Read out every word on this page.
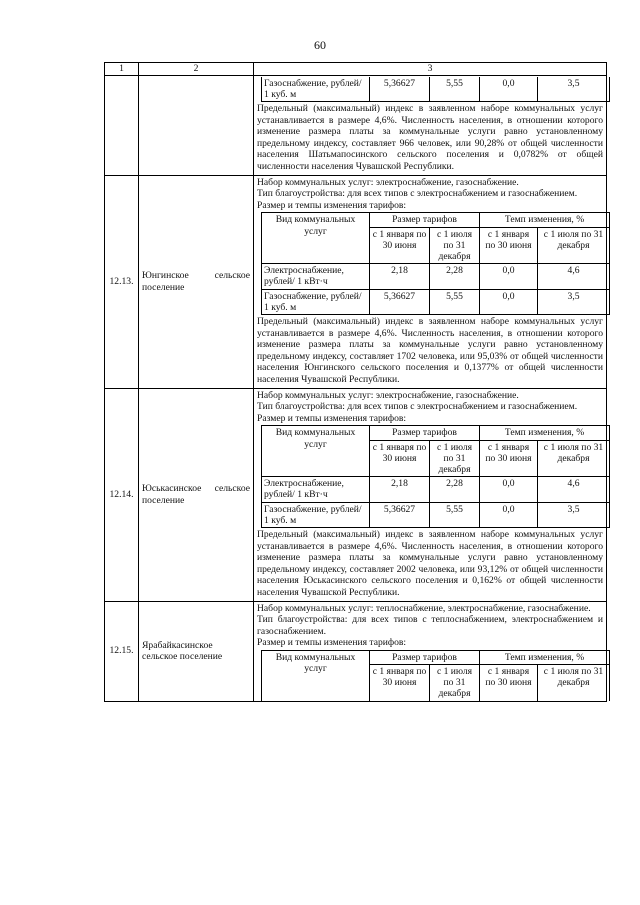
60
1	2	3

Газоснабжение, рублей/ 1 куб. м	5,36627	5,55	0,0	3,5

Предельный (максимальный) индекс в заявленном наборе коммунальных услуг устанавливается в размере 4,6%. Численность населения, в отношении которого изменение размера платы за коммунальные услуги равно установленному предельному индексу, составляет 966 человек, или 90,28% от общей численности населения Шатьмапосинского сельского поселения и 0,0782% от общей численности населения Чувашской Республики.

12.13.	Юнгинское сельское поселение	

Набор коммунальных услуг: электроснабжение, газоснабжение.

Тип благоустройства: для всех типов с электроснабжением и газоснабжением.

Размер и темпы изменения тарифов:

Вид коммунальных услуг	Размер тарифов	Темп изменения, %
с 1 января по 30 июня	с 1 июля по 31 декабря	с 1 января по 30 июня	с 1 июля по 31 декабря
Электроснабжение, рублей/ 1 кВт·ч	2,18	2,28	0,0	4,6
Газоснабжение, рублей/ 1 куб. м	5,36627	5,55	0,0	3,5

Предельный (максимальный) индекс в заявленном наборе коммунальных услуг устанавливается в размере 4,6%. Численность населения, в отношении которого изменение размера платы за коммунальные услуги равно установленному предельному индексу, составляет 1702 человека, или 95,03% от общей численности населения Юнгинского сельского поселения и 0,1377% от общей численности населения Чувашской Республики.

12.14.	Юськасинское сельское поселение	

Набор коммунальных услуг: электроснабжение, газоснабжение.

Тип благоустройства: для всех типов с электроснабжением и газоснабжением.

Размер и темпы изменения тарифов:

Вид коммунальных услуг	Размер тарифов	Темп изменения, %
с 1 января по 30 июня	с 1 июля по 31 декабря	с 1 января по 30 июня	с 1 июля по 31 декабря
Электроснабжение, рублей/ 1 кВт·ч	2,18	2,28	0,0	4,6
Газоснабжение, рублей/ 1 куб. м	5,36627	5,55	0,0	3,5

Предельный (максимальный) индекс в заявленном наборе коммунальных услуг устанавливается в размере 4,6%. Численность населения, в отношении которого изменение размера платы за коммунальные услуги равно установленному предельному индексу, составляет 2002 человека, или 93,12% от общей численности населения Юськасинского сельского поселения и 0,162% от общей численности населения Чувашской Республики.

12.15.	Ярабайкасинское сельское поселение	

Набор коммунальных услуг: теплоснабжение, электроснабжение, газоснабжение.

Тип благоустройства: для всех типов с теплоснабжением, электроснабжением и газоснабжением.

Размер и темпы изменения тарифов:

Вид коммунальных услуг	Размер тарифов	Темп изменения, %
с 1 января по 30 июня	с 1 июля по 31 декабря	с 1 января по 30 июня	с 1 июля по 31 декабря
